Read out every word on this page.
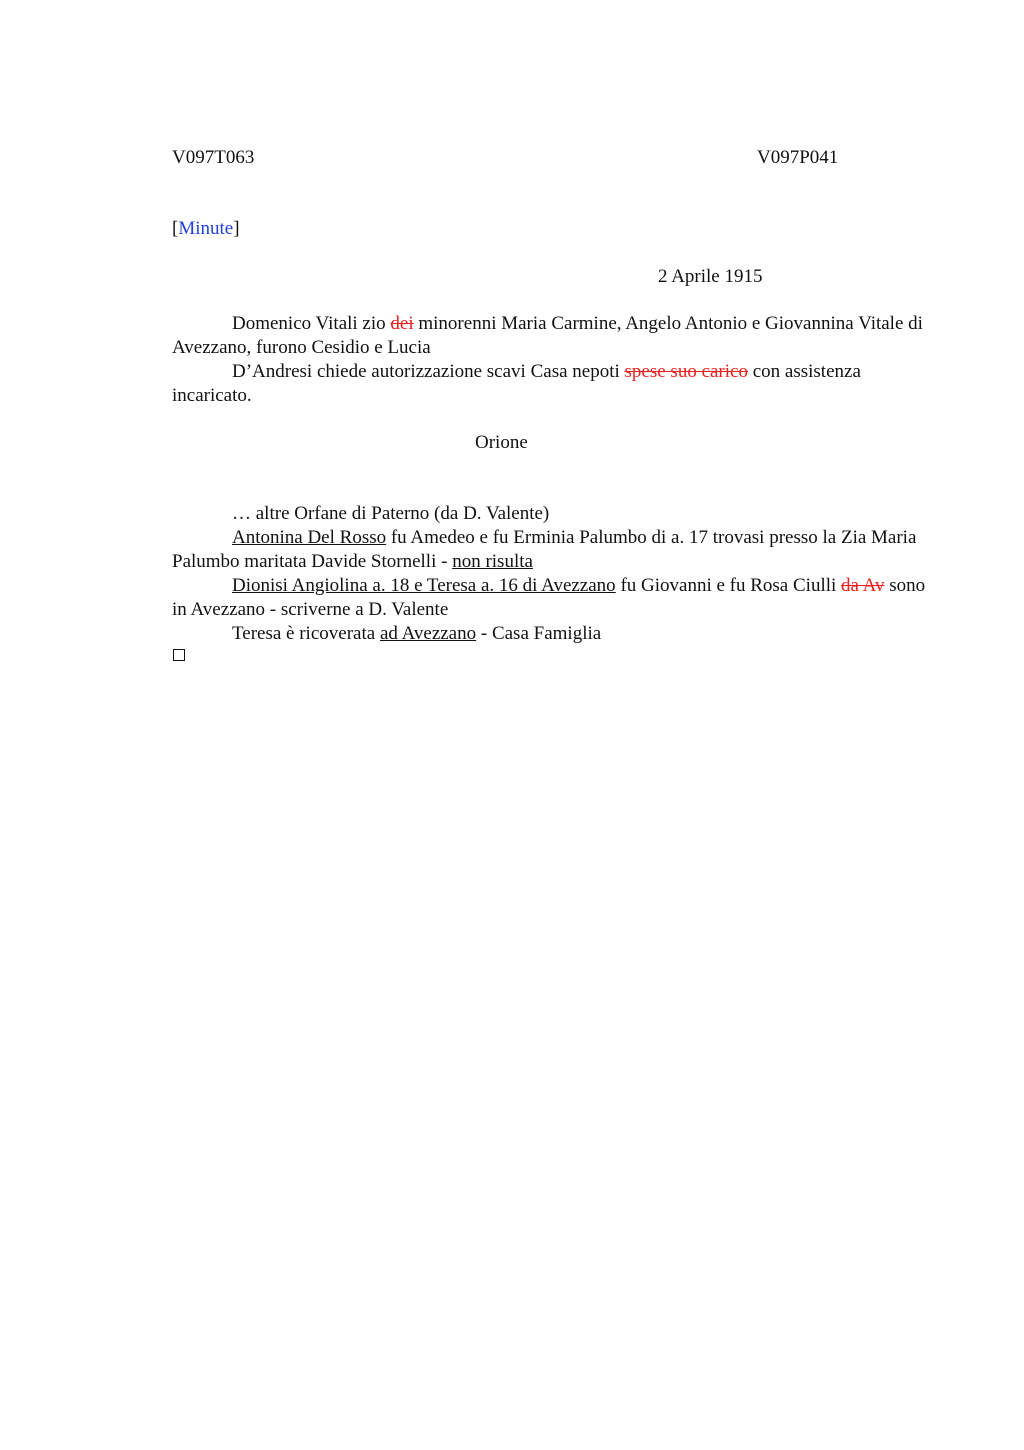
V097T063	V097P041
[Minute]
2 Aprile 1915
Domenico Vitali zio dei minorenni Maria Carmine, Angelo Antonio e Giovannina Vitale di Avezzano, furono Cesidio e Lucia
D’Andresi chiede autorizzazione scavi Casa nepoti spese suo carico con assistenza incaricato.
Orione
… altre Orfane di Paterno (da D. Valente)
Antonina Del Rosso fu Amedeo e fu Erminia Palumbo di a. 17 trovasi presso la Zia Maria Palumbo maritata Davide Stornelli - non risulta
Dionisi Angiolina a. 18 e Teresa a. 16 di Avezzano fu Giovanni e fu Rosa Ciulli da Av sono in Avezzano - scriverne a D. Valente
Teresa è ricoverata ad Avezzano - Casa Famiglia
